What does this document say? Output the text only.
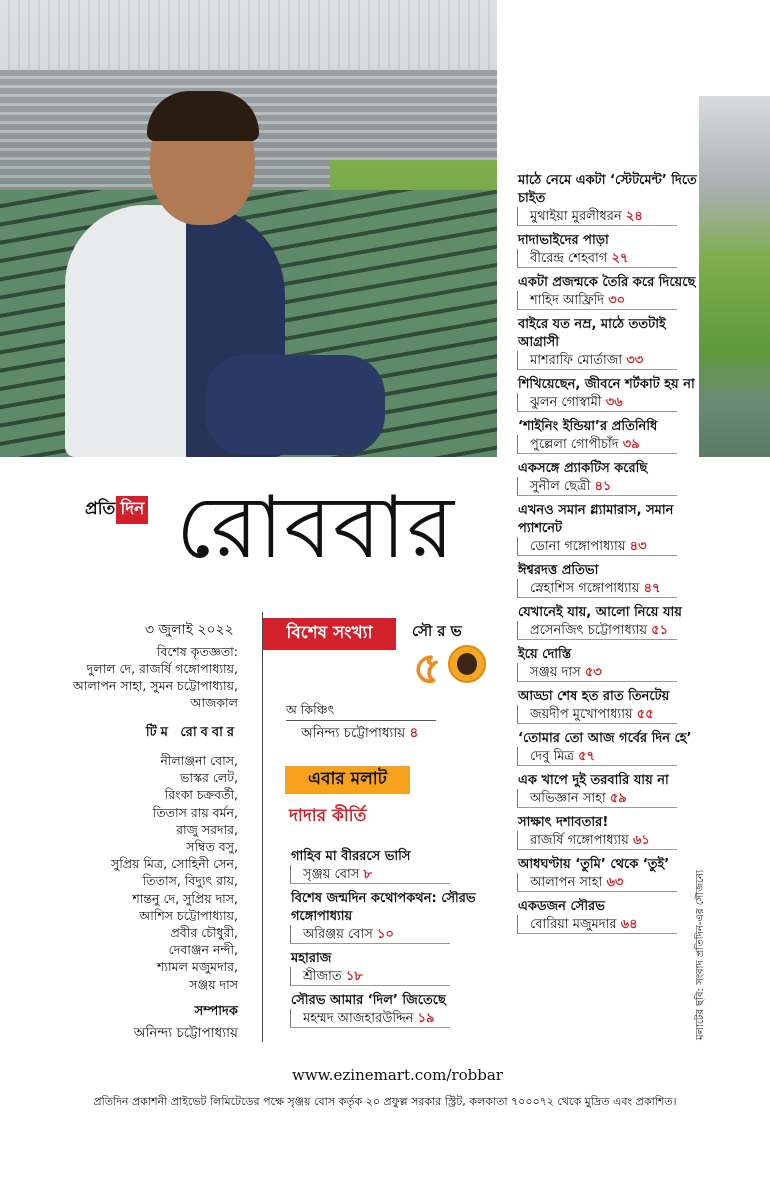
প্রতি দিন রোববার
৩ জুলাই ২০২২
বিশেষ কৃতজ্ঞতা:
দুলাল দে, রাজর্ষি গঙ্গোপাধ্যায়, আলাপন সাহা, সুমন চট্টোপাধ্যায়, আজকাল
টিম রোববার
নীলাঞ্জনা বোস,
ভাস্কর লেট,
রিংকা চক্রবর্তী,
তিতাস রায় বর্মন,
রাজু সরদার,
সম্বিত বসু,
সুপ্রিয় মিত্র, সোহিনী সেন,
তিতাস, বিদ্যুৎ রায়,
শান্তনু দে, সুপ্রিয় দাস,
আশিস চট্টোপাধ্যায়,
প্রবীর চৌধুরী,
দেবাঞ্জন নন্দী,
শ্যামল মজুমদার,
সঞ্জয় দাস
সম্পাদক
অনিন্দ্য চট্টোপাধ্যায়
বিশেষ সংখ্যা	সৌরভ
৫
অ কিঞ্চিৎ
অনিন্দ্য চট্টোপাধ্যায় ৪
এবার মলাট
দাদার কীর্তি
গাহিব মা বীররসে ভাসি
সৃঞ্জয় বোস ৮
বিশেষ জন্মদিন কথোপকথন: সৌরভ গঙ্গোপাধ্যায়
অরিঞ্জয় বোস ১০
মহারাজ
শ্রীজাত ১৮
সৌরভ আমার ‘দিল’ জিতেছে
মহম্মদ আজহারউদ্দিন ১৯
মাঠে নেমে একটা ‘স্টেটমেন্ট’ দিতে চাইত
মুথাইয়া মুরলীধরন ২৪
দাদাভাইদের পাড়া
বীরেন্দ্র শেহবাগ ২৭
একটা প্রজন্মকে তৈরি করে দিয়েছে
শাহিদ আফ্রিদি ৩০
বাইরে যত নম্র, মাঠে ততটাই আগ্রাসী
মাশরাফি মোর্তাজা ৩৩
শিখিয়েছেন, জীবনে শর্টকাট হয় না
ঝুলন গোস্বামী ৩৬
‘শাইনিং ইন্ডিয়া’র প্রতিনিধি
পুল্লেলা গোপীচাঁদ ৩৯
একসঙ্গে প্র্যাকটিস করেছি
সুনীল ছেত্রী ৪১
এখনও সমান গ্ল্যামারাস, সমান প্যাশনেট
ডোনা গঙ্গোপাধ্যায় ৪৩
ঈশ্বরদত্ত প্রতিভা
স্নেহাশিস গঙ্গোপাধ্যায় ৪৭
যেখানেই যায়, আলো নিয়ে যায়
প্রসেনজিৎ চট্টোপাধ্যায় ৫১
ইয়ে দোস্তি
সঞ্জয় দাস ৫৩
আড্ডা শেষ হত রাত তিনটেয়
জয়দীপ মুখোপাধ্যায় ৫৫
‘তোমার তো আজ গর্বের দিন হে’
দেবু মিত্র ৫৭
এক খাপে দুই তরবারি যায় না
অভিজ্ঞান সাহা ৫৯
সাক্ষাৎ দশাবতার!
রাজর্ষি গঙ্গোপাধ্যায় ৬১
আধঘণ্টায় ‘তুমি’ থেকে ‘তুই’
আলাপন সাহা ৬৩
একডজন সৌরভ
বোরিয়া মজুমদার ৬৪	মলাটের ছবি: সংবাদ প্রতিদিন-এর সৌজন্যে
www.ezinemart.com/robbar
প্রতিদিন প্রকাশনী প্রাইভেট লিমিটেডের পক্ষে সৃঞ্জয় বোস কর্তৃক ২০ প্রফুল্ল সরকার স্ট্রিট, কলকাতা ৭০০০৭২ থেকে মুদ্রিত এবং প্রকাশিত।
